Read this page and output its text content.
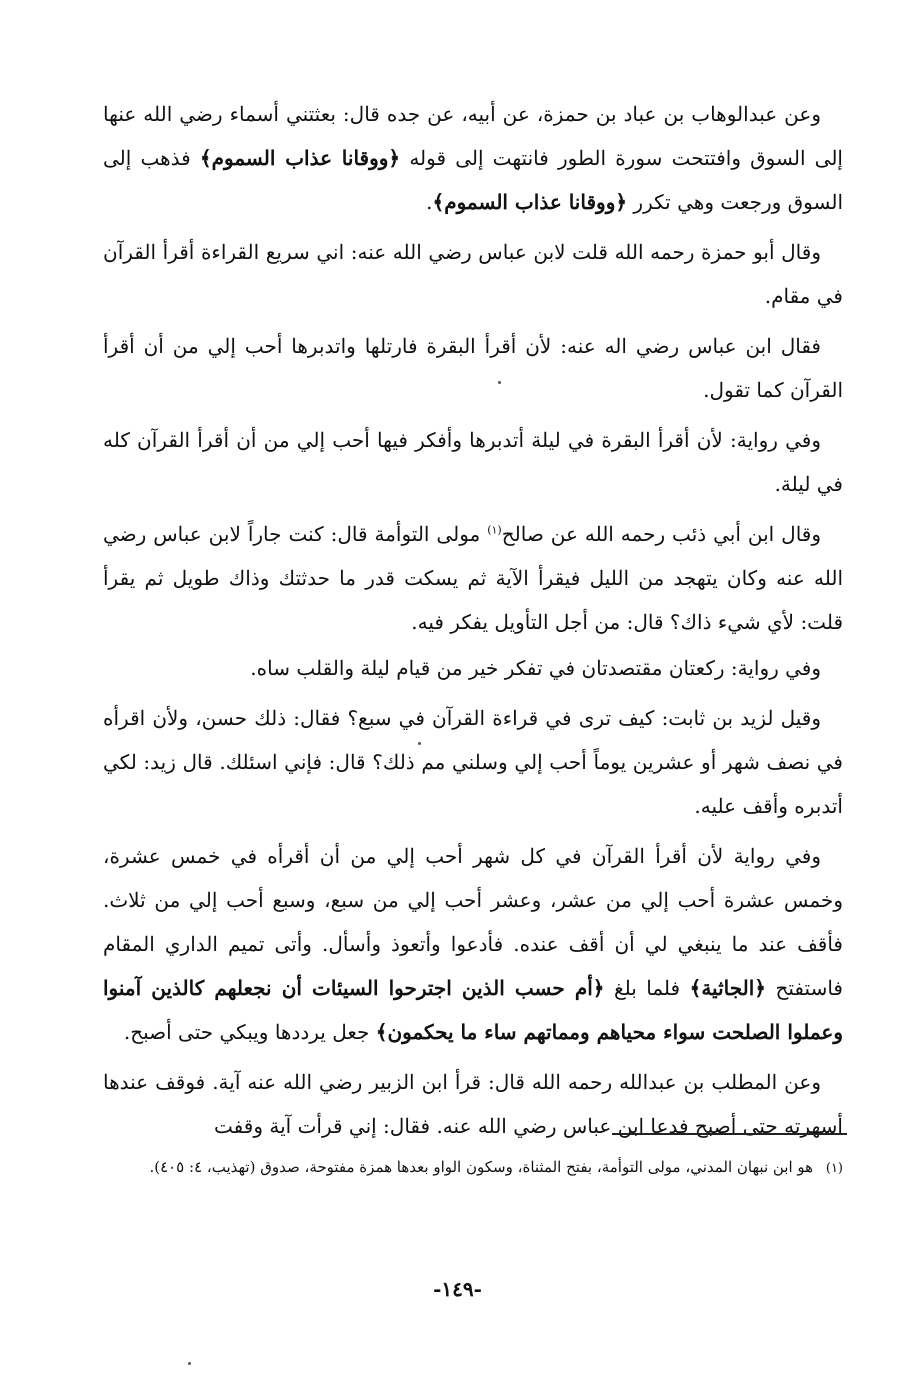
وعن عبدالوهاب بن عباد بن حمزة، عن أبيه، عن جده قال: بعثتني أسماء رضي الله عنها إلى السوق وافتتحت سورة الطور فانتهت إلى قوله ﴿ووقانا عذاب السموم﴾ فذهب إلى السوق ورجعت وهي تكرر ﴿ووقانا عذاب السموم﴾.

وقال أبو حمزة رحمه الله قلت لابن عباس رضي الله عنه: اني سريع القراءة أقرأ القرآن في مقام.

فقال ابن عباس رضي اله عنه: لأن أقرأ البقرة فارتلها واتدبرها أحب إلي من أن أقرأ القرآن كما تقول.

وفي رواية: لأن أقرأ البقرة في ليلة أتدبرها وأفكر فيها أحب إلي من أن أقرأ القرآن كله في ليلة.

وقال ابن أبي ذئب رحمه الله عن صالح$^{(١)}$ مولى التوأمة قال: كنت جاراً لابن عباس رضي الله عنه وكان يتهجد من الليل فيقرأ الآية ثم يسكت قدر ما حدثتك وذاك طويل ثم يقرأ قلت: لأي شيء ذاك؟ قال: من أجل التأويل يفكر فيه.

وفي رواية: ركعتان مقتصدتان في تفكر خير من قيام ليلة والقلب ساه.

وقيل لزيد بن ثابت: كيف ترى في قراءة القرآن في سبع؟ فقال: ذلك حسن، ولأن اقرأه في نصف شهر أو عشرين يوماً أحب إلي وسلني مم ذلك؟ قال: فإني اسئلك. قال زيد: لكي أتدبره وأقف عليه.

وفي رواية لأن أقرأ القرآن في كل شهر أحب إلي من أن أقرأه في خمس عشرة، وخمس عشرة أحب إلي من عشر، وعشر أحب إلي من سبع، وسبع أحب إلي من ثلاث. فأقف عند ما ينبغي لي أن أقف عنده. فأدعوا وأتعوذ وأسأل. وأتى تميم الداري المقام فاستفتح ﴿الجاثية﴾ فلما بلغ ﴿أم حسب الذين اجترحوا السيئات أن نجعلهم كالذين آمنوا وعملوا الصلحت سواء محياهم ومماتهم ساء ما يحكمون﴾ جعل يرددها ويبكي حتى أصبح.

وعن المطلب بن عبدالله رحمه الله قال: قرأ ابن الزبير رضي الله عنه آية. فوقف عندها أسهرته حتى أصبح فدعا ابن عباس رضي الله عنه. فقال: إني قرأت آية وقفت

(١) هو ابن نبهان المدني، مولى التوأمة، بفتح المثناة، وسكون الواو بعدها همزة مفتوحة، صدوق (تهذيب، ٤: ٤٠٥).
-١٤٩-
